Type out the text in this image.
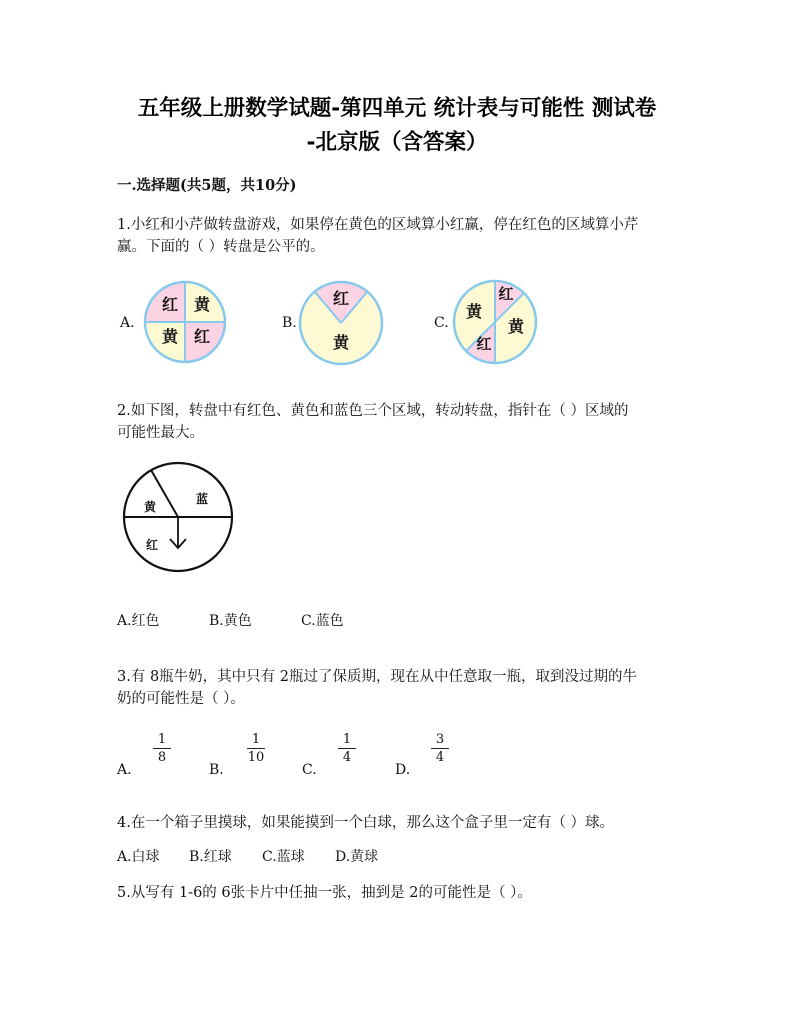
五年级上册数学试题-第四单元 统计表与可能性 测试卷
-北京版（含答案）
一.选择题(共5题，共10分)
1.小红和小芹做转盘游戏，如果停在黄色的区域算小红赢，停在红色的区域算小芹
赢。下面的（ ）转盘是公平的。
A.	B.	C.
红 黄
黄 红
红
黄
黄
红
黄
红
2.如下图，转盘中有红色、黄色和蓝色三个区域，转动转盘，指针在（ ）区域的
可能性最大。
黄
蓝
红
A.红色	B.黄色	C.蓝色
3.有 8瓶牛奶，其中只有 2瓶过了保质期，现在从中任意取一瓶，取到没过期的牛
奶的可能性是（ ）。
A.
1
8
B.
1
10
C.
1
4
D.
3
4
4.在一个箱子里摸球，如果能摸到一个白球，那么这个盒子里一定有（ ）球。
A.白球 B.红球 C.蓝球 D.黄球
5.从写有 1-6的 6张卡片中任抽一张，抽到是 2的可能性是（ ）。
